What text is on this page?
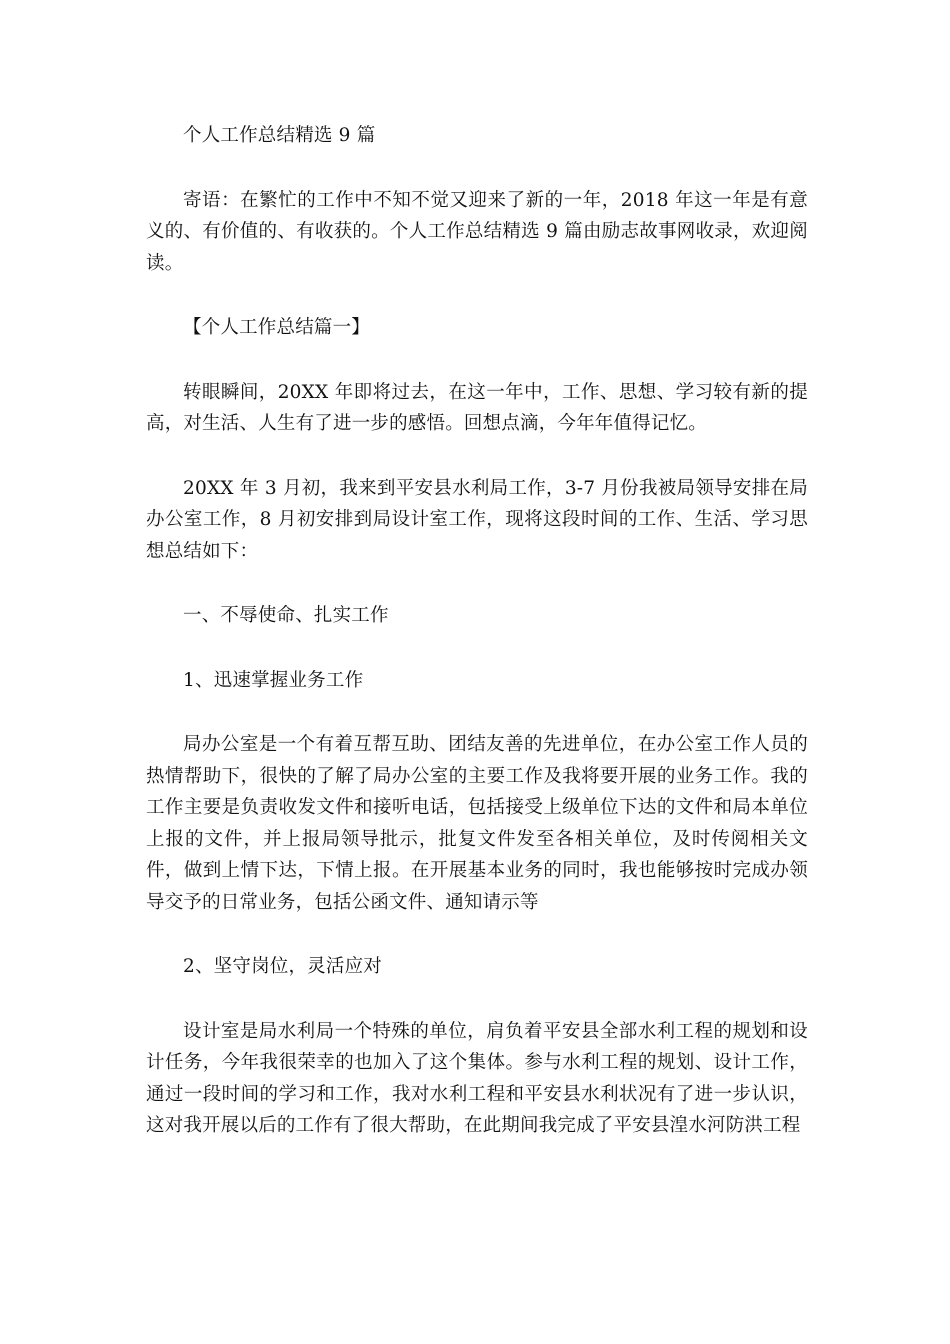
个人工作总结精选 9 篇

寄语：在繁忙的工作中不知不觉又迎来了新的一年，2018 年这一年是有意义的、有价值的、有收获的。个人工作总结精选 9 篇由励志故事网收录，欢迎阅读。

【个人工作总结篇一】

转眼瞬间，20XX 年即将过去，在这一年中，工作、思想、学习较有新的提高，对生活、人生有了进一步的感悟。回想点滴，今年年值得记忆。

20XX 年 3 月初，我来到平安县水利局工作，3-7 月份我被局领导安排在局办公室工作，8 月初安排到局设计室工作，现将这段时间的工作、生活、学习思想总结如下：

一、不辱使命、扎实工作

1、迅速掌握业务工作

局办公室是一个有着互帮互助、团结友善的先进单位，在办公室工作人员的热情帮助下，很快的了解了局办公室的主要工作及我将要开展的业务工作。我的工作主要是负责收发文件和接听电话，包括接受上级单位下达的文件和局本单位上报的文件，并上报局领导批示，批复文件发至各相关单位，及时传阅相关文件，做到上情下达，下情上报。在开展基本业务的同时，我也能够按时完成办领导交予的日常业务，包括公函文件、通知请示等

2、坚守岗位，灵活应对

设计室是局水利局一个特殊的单位，肩负着平安县全部水利工程的规划和设计任务，今年我很荣幸的也加入了这个集体。参与水利工程的规划、设计工作，通过一段时间的学习和工作，我对水利工程和平安县水利状况有了进一步认识，这对我开展以后的工作有了很大帮助，在此期间我完成了平安县湟水河防洪工程
